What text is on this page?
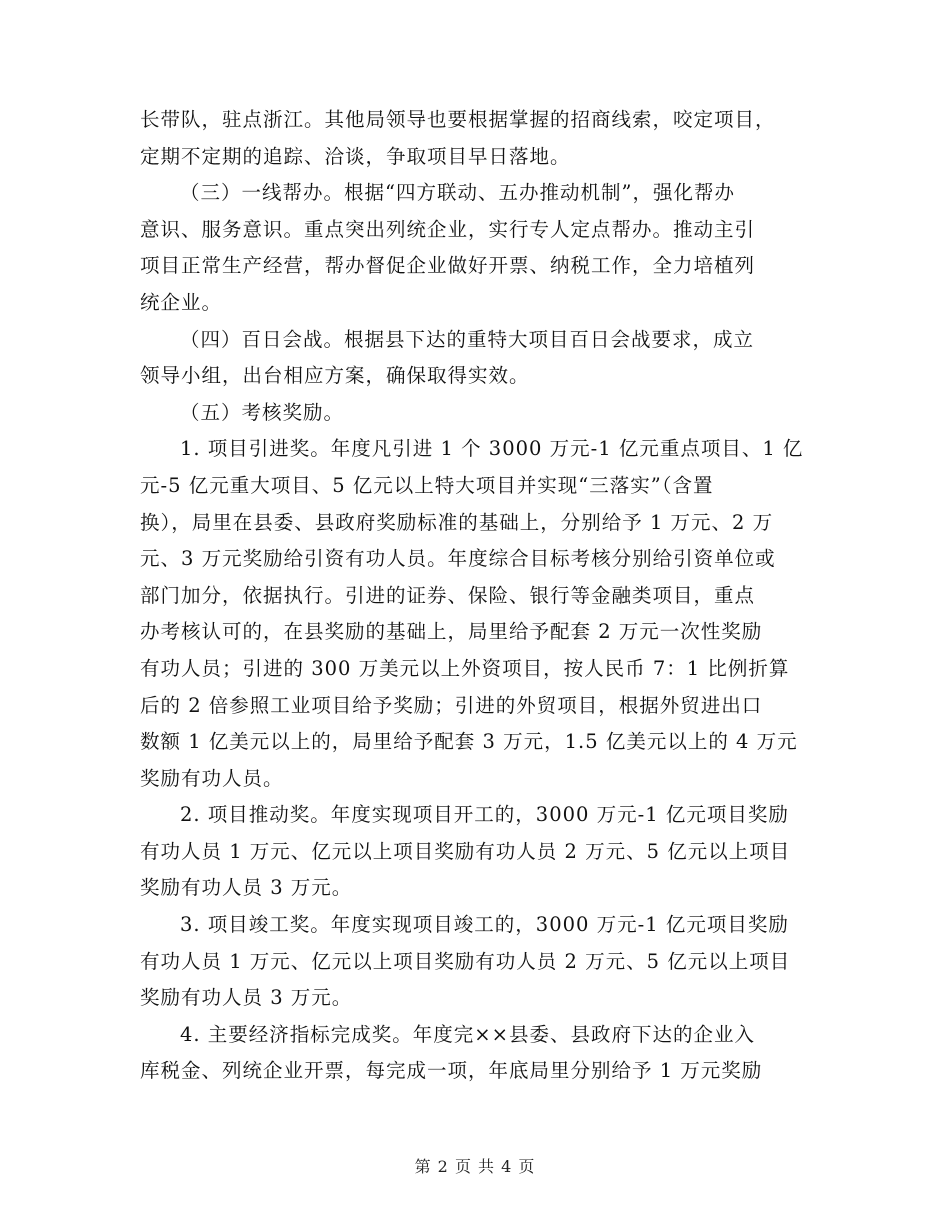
长带队，驻点浙江。其他局领导也要根据掌握的招商线索，咬定项目，
定期不定期的追踪、洽谈，争取项目早日落地。
（三）一线帮办。根据“四方联动、五办推动机制”，强化帮办
意识、服务意识。重点突出列统企业，实行专人定点帮办。推动主引
项目正常生产经营，帮办督促企业做好开票、纳税工作，全力培植列
统企业。
（四）百日会战。根据县下达的重特大项目百日会战要求，成立
领导小组，出台相应方案，确保取得实效。
（五）考核奖励。
1. 项目引进奖。年度凡引进 1 个 3000 万元-1 亿元重点项目、1 亿
元-5 亿元重大项目、5 亿元以上特大项目并实现“三落实”（含置
换），局里在县委、县政府奖励标准的基础上，分别给予 1 万元、2 万
元、3 万元奖励给引资有功人员。年度综合目标考核分别给引资单位或
部门加分，依据执行。引进的证券、保险、银行等金融类项目，重点
办考核认可的，在县奖励的基础上，局里给予配套 2 万元一次性奖励
有功人员；引进的 300 万美元以上外资项目，按人民币 7：1 比例折算
后的 2 倍参照工业项目给予奖励；引进的外贸项目，根据外贸进出口
数额 1 亿美元以上的，局里给予配套 3 万元，1.5 亿美元以上的 4 万元
奖励有功人员。
2. 项目推动奖。年度实现项目开工的，3000 万元-1 亿元项目奖励
有功人员 1 万元、亿元以上项目奖励有功人员 2 万元、5 亿元以上项目
奖励有功人员 3 万元。
3. 项目竣工奖。年度实现项目竣工的，3000 万元-1 亿元项目奖励
有功人员 1 万元、亿元以上项目奖励有功人员 2 万元、5 亿元以上项目
奖励有功人员 3 万元。
4. 主要经济指标完成奖。年度完××县委、县政府下达的企业入
库税金、列统企业开票，每完成一项，年底局里分别给予 1 万元奖励
第 2 页 共 4 页
